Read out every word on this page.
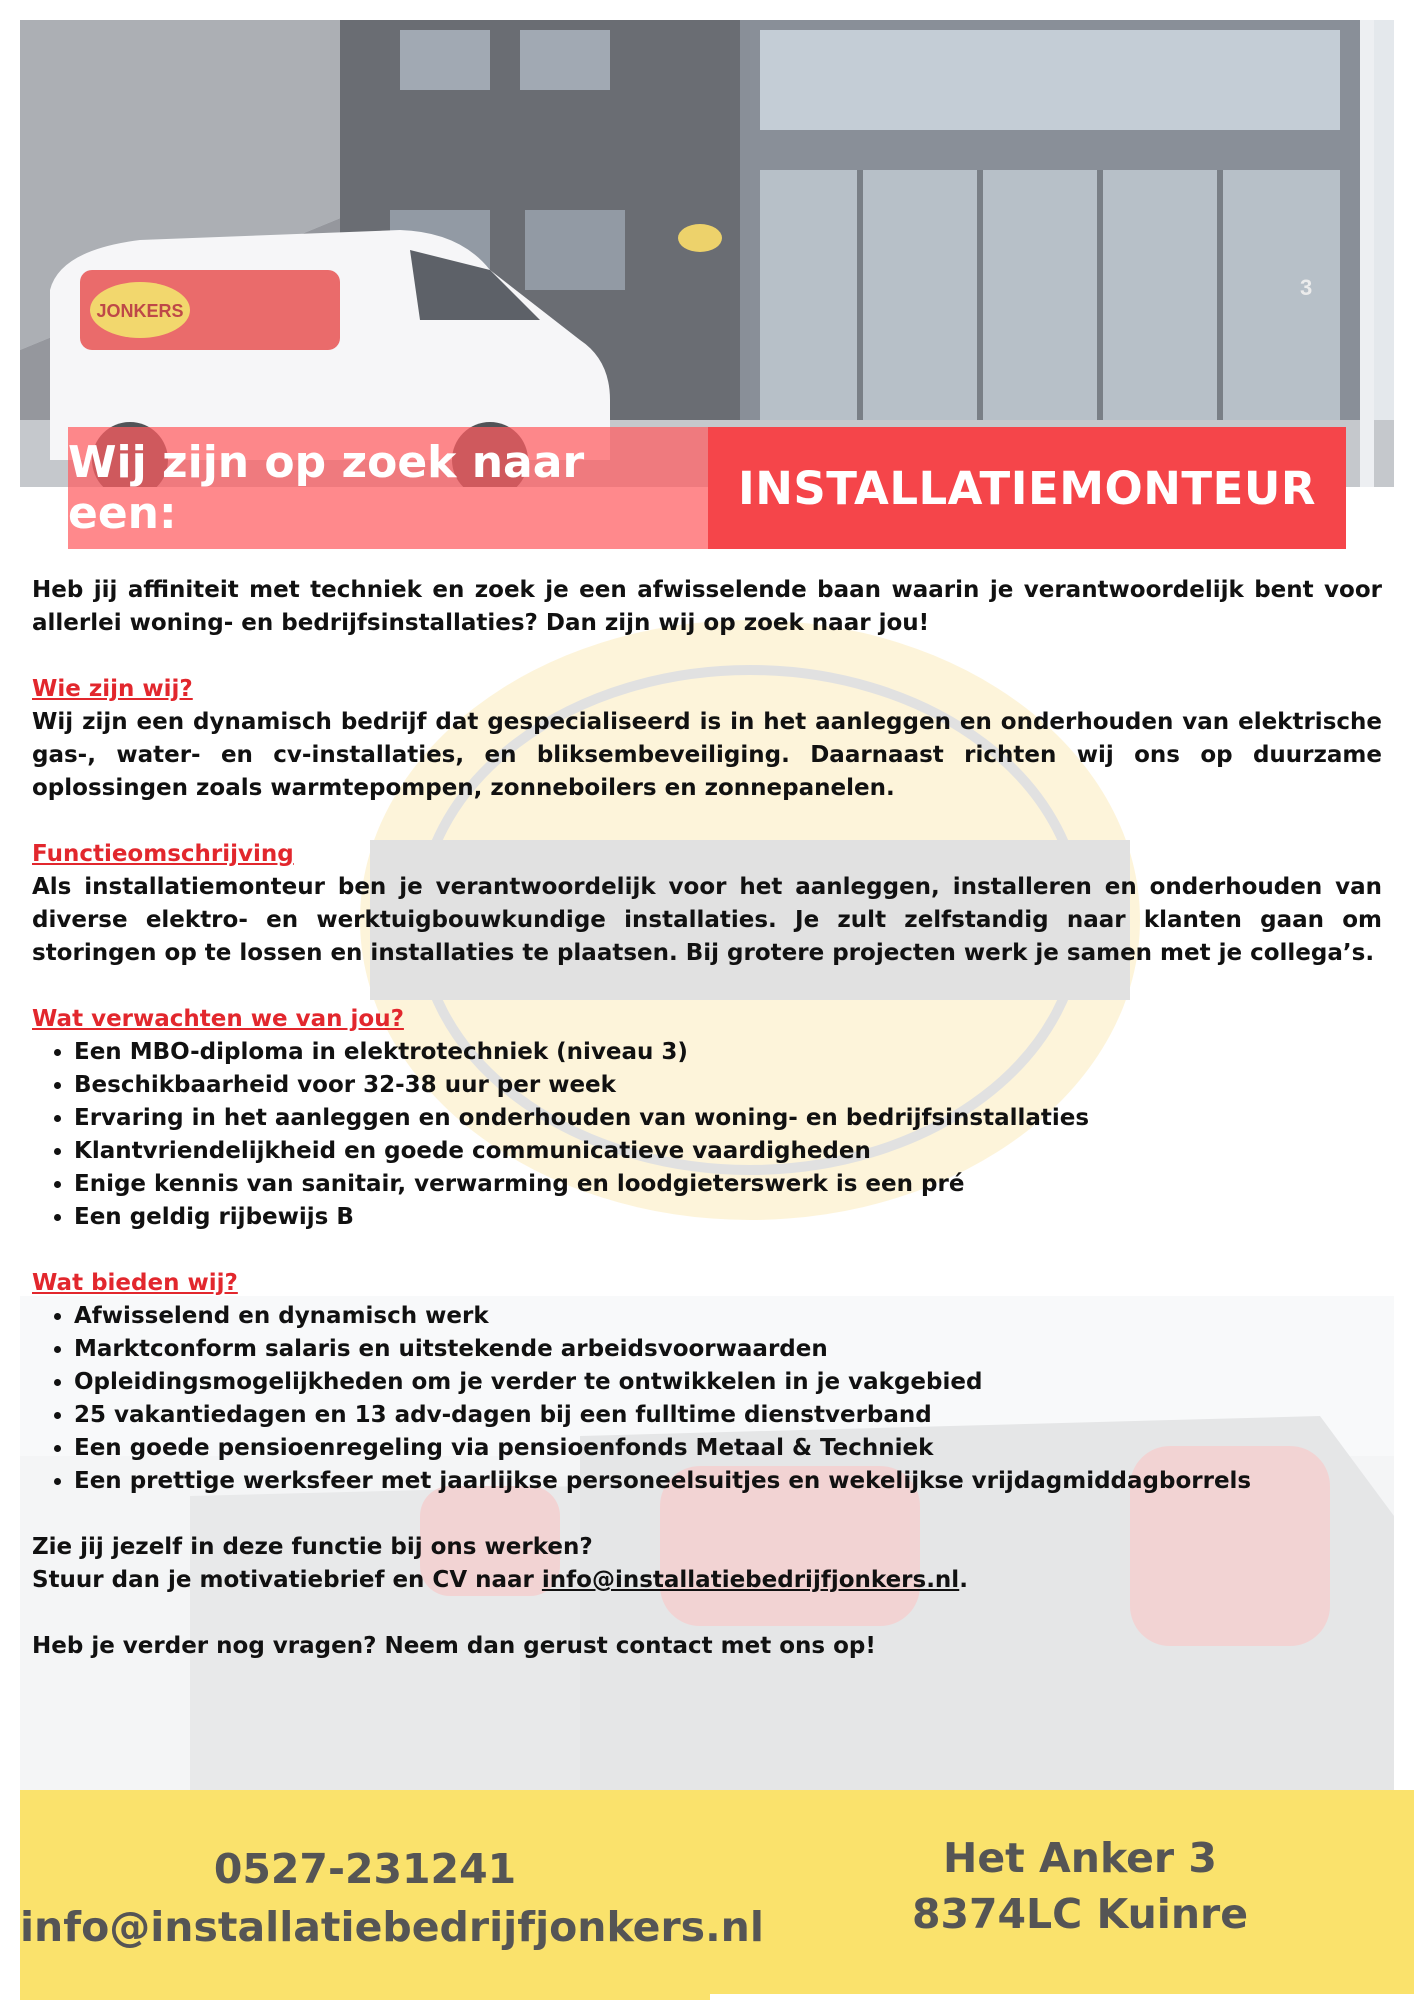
3
JONKERS
Wij zijn op zoek naar een:	INSTALLATIEMONTEUR

Heb jij affiniteit met techniek en zoek je een afwisselende baan waarin je verantwoordelijk bent voor allerlei woning- en bedrijfsinstallaties? Dan zijn wij op zoek naar jou!

Wie zijn wij?

Wij zijn een dynamisch bedrijf dat gespecialiseerd is in het aanleggen en onderhouden van elektrische gas-, water- en cv-installaties, en bliksembeveiliging. Daarnaast richten wij ons op duurzame oplossingen zoals warmtepompen, zonneboilers en zonnepanelen.

Functieomschrijving

Als installatiemonteur ben je verantwoordelijk voor het aanleggen, installeren en onderhouden van diverse elektro- en werktuigbouwkundige installaties. Je zult zelfstandig naar klanten gaan om storingen op te lossen en installaties te plaatsen. Bij grotere projecten werk je samen met je collega’s.

Wat verwachten we van jou?

• Een MBO-diploma in elektrotechniek (niveau 3)
• Beschikbaarheid voor 32-38 uur per week
• Ervaring in het aanleggen en onderhouden van woning- en bedrijfsinstallaties
• Klantvriendelijkheid en goede communicatieve vaardigheden
• Enige kennis van sanitair, verwarming en loodgieterswerk is een pré
• Een geldig rijbewijs B

Wat bieden wij?

• Afwisselend en dynamisch werk
• Marktconform salaris en uitstekende arbeidsvoorwaarden
• Opleidingsmogelijkheden om je verder te ontwikkelen in je vakgebied
• 25 vakantiedagen en 13 adv-dagen bij een fulltime dienstverband
• Een goede pensioenregeling via pensioenfonds Metaal & Techniek
• Een prettige werksfeer met jaarlijkse personeelsuitjes en wekelijkse vrijdagmiddagborrels

Zie jij jezelf in deze functie bij ons werken?

Stuur dan je motivatiebrief en CV naar info@installatiebedrijfjonkers.nl.

Heb je verder nog vragen? Neem dan gerust contact met ons op!

0527-231241
info@installatiebedrijfjonkers.nl
Het Anker 3
8374LC Kuinre
